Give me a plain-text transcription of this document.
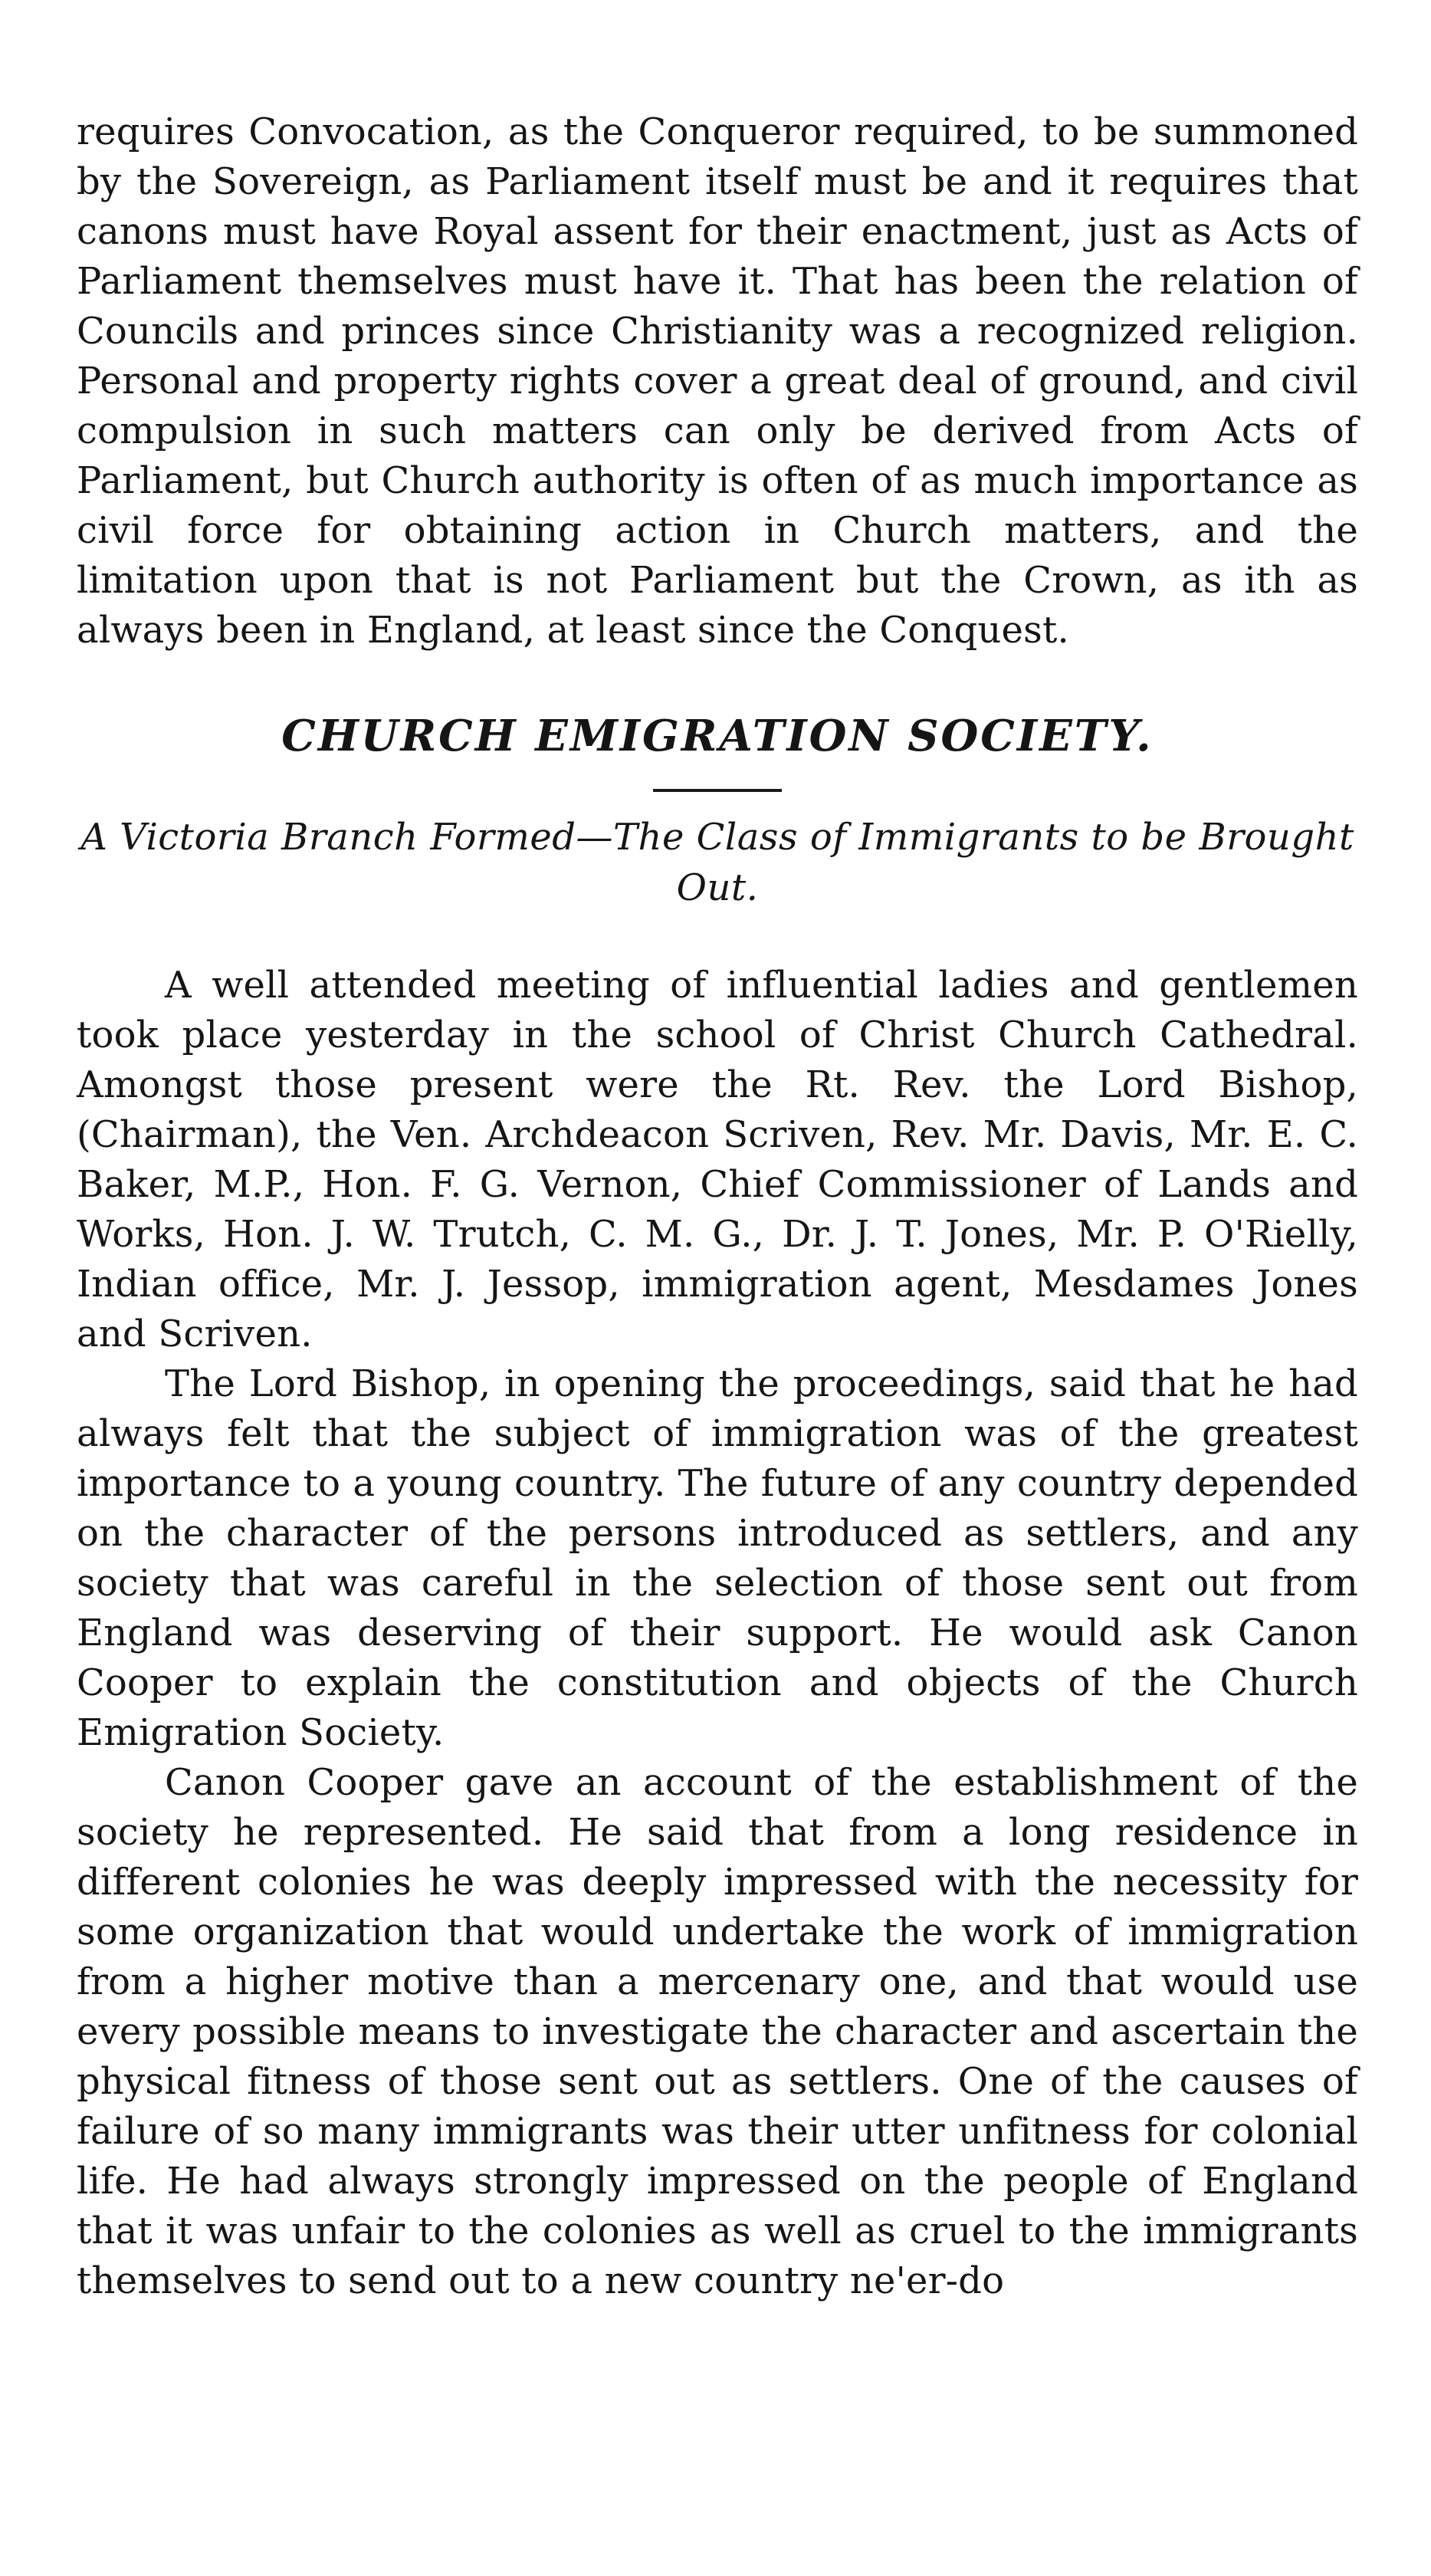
requires Convocation, as the Conqueror required, to be summoned by the Sovereign, as Parliament itself must be and it requires that canons must have Royal assent for their enactment, just as Acts of Parliament themselves must have it. That has been the relation of Councils and princes since Christianity was a recognized religion. Personal and property rights cover a great deal of ground, and civil compulsion in such matters can only be derived from Acts of Parliament, but Church authority is often of as much importance as civil force for obtaining action in Church matters, and the limitation upon that is not Parliament but the Crown, as ith as always been in England, at least since the Conquest.

CHURCH EMIGRATION SOCIETY.

A Victoria Branch Formed—The Class of Immigrants to be Brought Out.

A well attended meeting of influential ladies and gentlemen took place yesterday in the school of Christ Church Cathedral. Amongst those present were the Rt. Rev. the Lord Bishop, (Chairman), the Ven. Archdeacon Scriven, Rev. Mr. Davis, Mr. E. C. Baker, M.P., Hon. F. G. Vernon, Chief Commissioner of Lands and Works, Hon. J. W. Trutch, C. M. G., Dr. J. T. Jones, Mr. P. O'Rielly, Indian office, Mr. J. Jessop, immigration agent, Mesdames Jones and Scriven.

The Lord Bishop, in opening the proceedings, said that he had always felt that the subject of immigration was of the greatest importance to a young country. The future of any country depended on the character of the persons introduced as settlers, and any society that was careful in the selection of those sent out from England was deserving of their support. He would ask Canon Cooper to explain the constitution and objects of the Church Emigration Society.

Canon Cooper gave an account of the establishment of the society he represented. He said that from a long residence in different colonies he was deeply impressed with the necessity for some organization that would undertake the work of immigration from a higher motive than a mercenary one, and that would use every possible means to investigate the character and ascertain the physical fitness of those sent out as settlers. One of the causes of failure of so many immigrants was their utter unfitness for colonial life. He had always strongly impressed on the people of England that it was unfair to the colonies as well as cruel to the immigrants themselves to send out to a new country ne'er-do
